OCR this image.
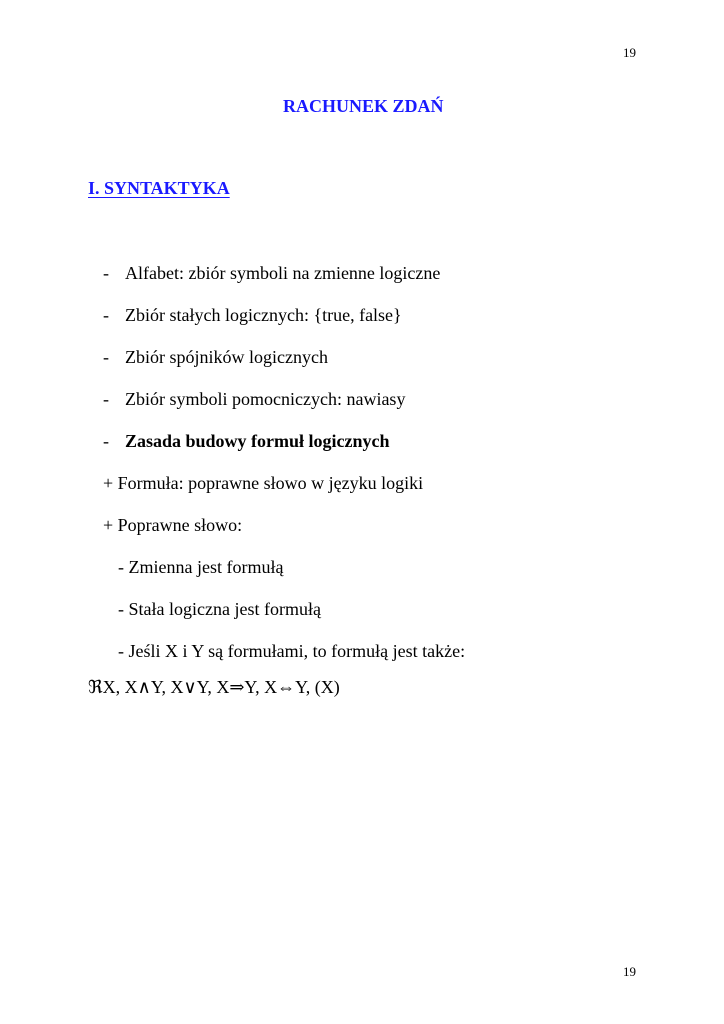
19
RACHUNEK ZDAŃ
I. SYNTAKTYKA
- Alfabet: zbiór symboli na zmienne logiczne
- Zbiór stałych logicznych: {true, false}
- Zbiór spójników logicznych
- Zbiór symboli pomocniczych: nawiasy
- Zasada budowy formuł logicznych
+ Formuła: poprawne słowo w języku logiki
+ Poprawne słowo:
- Zmienna jest formułą
- Stała logiczna jest formułą
- Jeśli X i Y są formułami, to formułą jest także:
ℜX, X∧Y, X∨Y, X⇒Y, X⇔Y, (X)
19
